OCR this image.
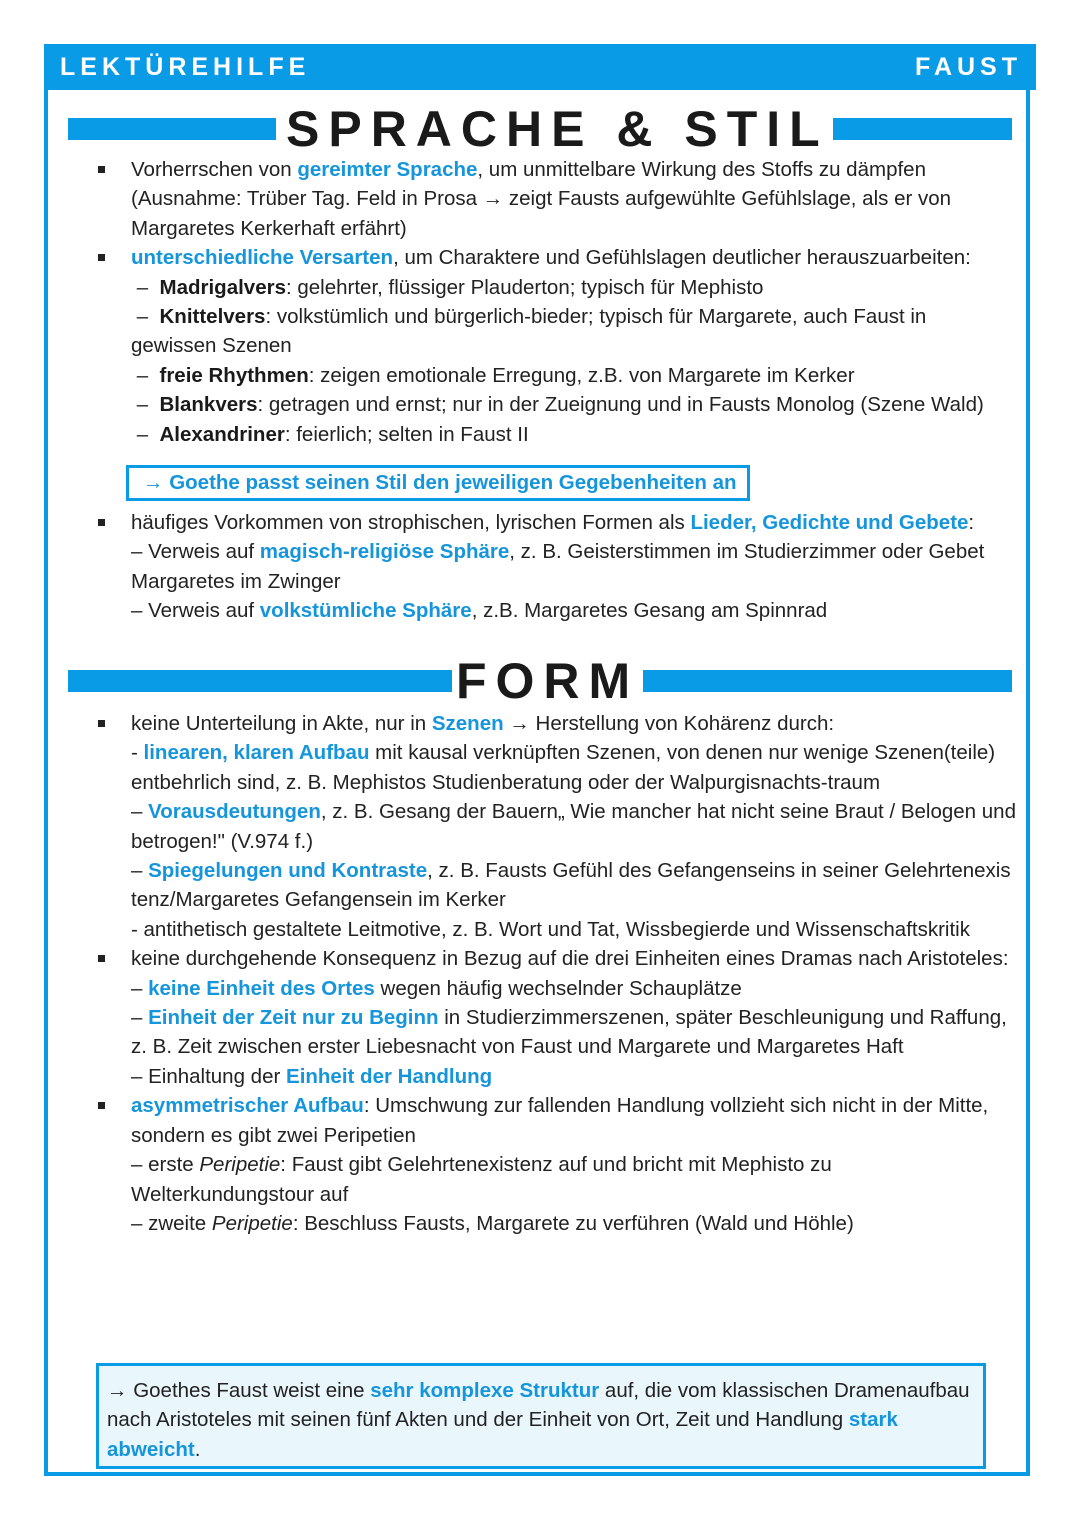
LEKTÜREHILFE	FAUST
SPRACHE & STIL
Vorherrschen von gereimter Sprache, um unmittelbare Wirkung des Stoffs zu dämpfen (Ausnahme: Trüber Tag. Feld in Prosa → zeigt Fausts aufgewühlte Gefühlslage, als er von Margaretes Kerkerhaft erfährt)
unterschiedliche Versarten, um Charaktere und Gefühlslagen deutlicher herauszuarbeiten:
–  Madrigalvers: gelehrter, flüssiger Plauderton; typisch für Mephisto
–  Knittelvers: volkstümlich und bürgerlich-bieder; typisch für Margarete, auch Faust in gewissen Szenen
–  freie Rhythmen: zeigen emotionale Erregung, z.B. von Margarete im Kerker
–  Blankvers: getragen und ernst; nur in der Zueignung und in Fausts Monolog (Szene Wald)
–  Alexandriner: feierlich; selten in Faust II
→ Goethe passt seinen Stil den jeweiligen Gegebenheiten an
häufiges Vorkommen von strophischen, lyrischen Formen als Lieder, Gedichte und Gebete:
– Verweis auf magisch-religiöse Sphäre, z. B. Geisterstimmen im Studierzimmer oder Gebet Margaretes im Zwinger
– Verweis auf volkstümliche Sphäre, z.B. Margaretes Gesang am Spinnrad
FORM
keine Unterteilung in Akte, nur in Szenen → Herstellung von Kohärenz durch:
- linearen, klaren Aufbau mit kausal verknüpften Szenen, von denen nur wenige Szenen(teile) entbehrlich sind, z. B. Mephistos Studienberatung oder der Walpurgisnachts-traum
– Vorausdeutungen, z. B. Gesang der Bauern„ Wie mancher hat nicht seine Braut / Belogen und betrogen!" (V.974 f.)
– Spiegelungen und Kontraste, z. B. Fausts Gefühl des Gefangenseins in seiner Gelehrtenexis tenz/Margaretes Gefangensein im Kerker
- antithetisch gestaltete Leitmotive, z. B. Wort und Tat, Wissbegierde und Wissenschaftskritik
keine durchgehende Konsequenz in Bezug auf die drei Einheiten eines Dramas nach Aristoteles:
– keine Einheit des Ortes wegen häufig wechselnder Schauplätze
– Einheit der Zeit nur zu Beginn in Studierzimmerszenen, später Beschleunigung und Raffung, z. B. Zeit zwischen erster Liebesnacht von Faust und Margarete und Margaretes Haft
– Einhaltung der Einheit der Handlung
asymmetrischer Aufbau: Umschwung zur fallenden Handlung vollzieht sich nicht in der Mitte, sondern es gibt zwei Peripetien
– erste Peripetie: Faust gibt Gelehrtenexistenz auf und bricht mit Mephisto zu Welterkundungstour auf
– zweite Peripetie: Beschluss Fausts, Margarete zu verführen (Wald und Höhle)
→ Goethes Faust weist eine sehr komplexe Struktur auf, die vom klassischen Dramenaufbau nach Aristoteles mit seinen fünf Akten und der Einheit von Ort, Zeit und Handlung stark abweicht.
